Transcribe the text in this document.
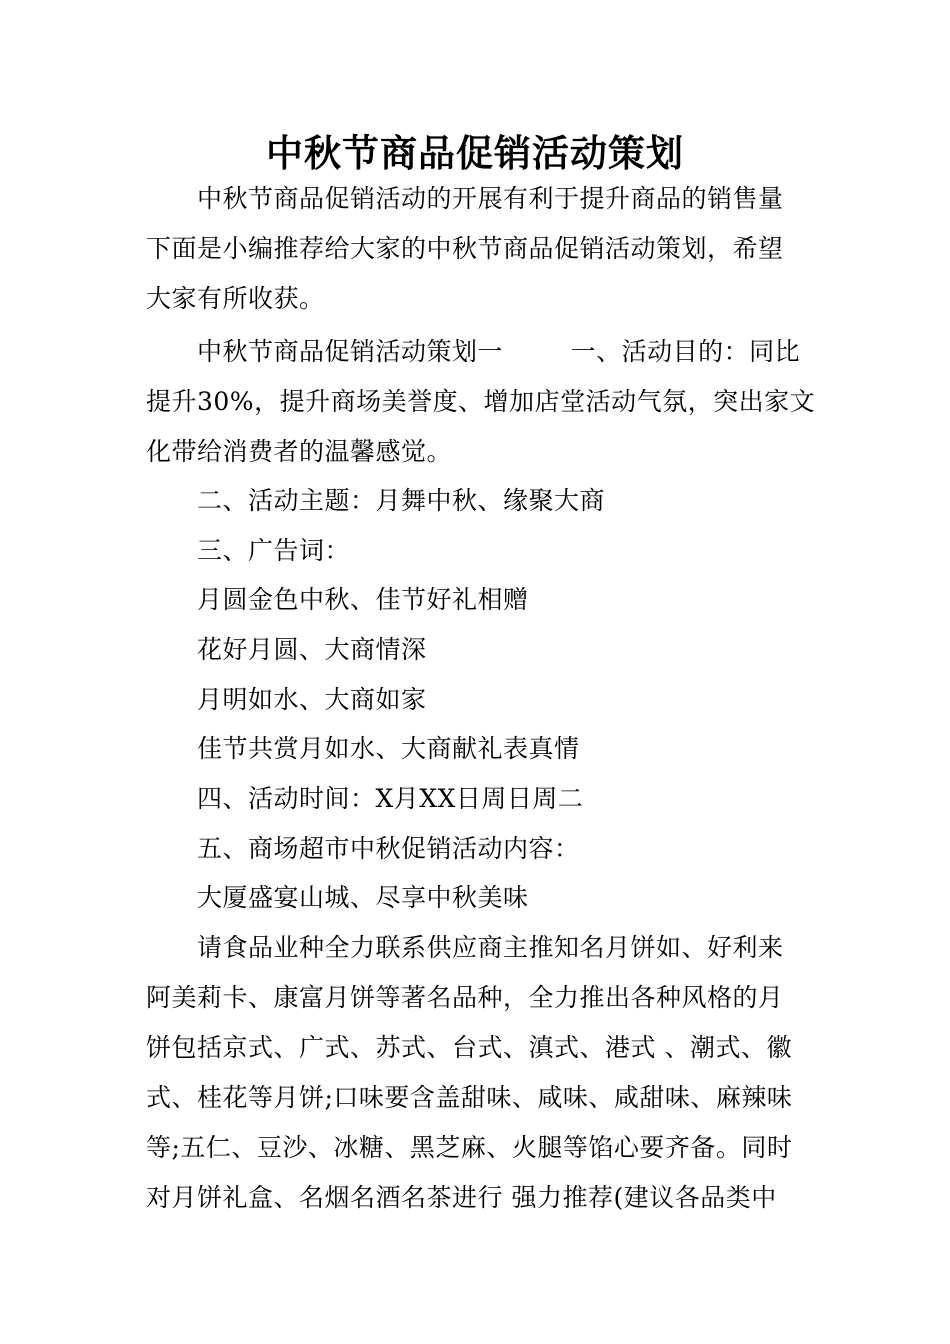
中秋节商品促销活动策划
中秋节商品促销活动的开展有利于提升商品的销售量
下面是小编推荐给大家的中秋节商品促销活动策划，希望
大家有所收获。
中秋节商品促销活动策划一        一、活动目的：同比
提升30%，提升商场美誉度、增加店堂活动气氛，突出家文
化带给消费者的温馨感觉。
二、活动主题：月舞中秋、缘聚大商
三、广告词：
月圆金色中秋、佳节好礼相赠
花好月圆、大商情深
月明如水、大商如家
佳节共赏月如水、大商献礼表真情
四、活动时间：X月XX日周日周二
五、商场超市中秋促销活动内容：
大厦盛宴山城、尽享中秋美味
请食品业种全力联系供应商主推知名月饼如、好利来
阿美莉卡、康富月饼等著名品种，全力推出各种风格的月
饼包括京式、广式、苏式、台式、滇式、港式 、潮式、徽
式、桂花等月饼;口味要含盖甜味、咸味、咸甜味、麻辣味
等;五仁、豆沙、冰糖、黑芝麻、火腿等馅心要齐备。同时
对月饼礼盒、名烟名酒名茶进行 强力推荐(建议各品类中
